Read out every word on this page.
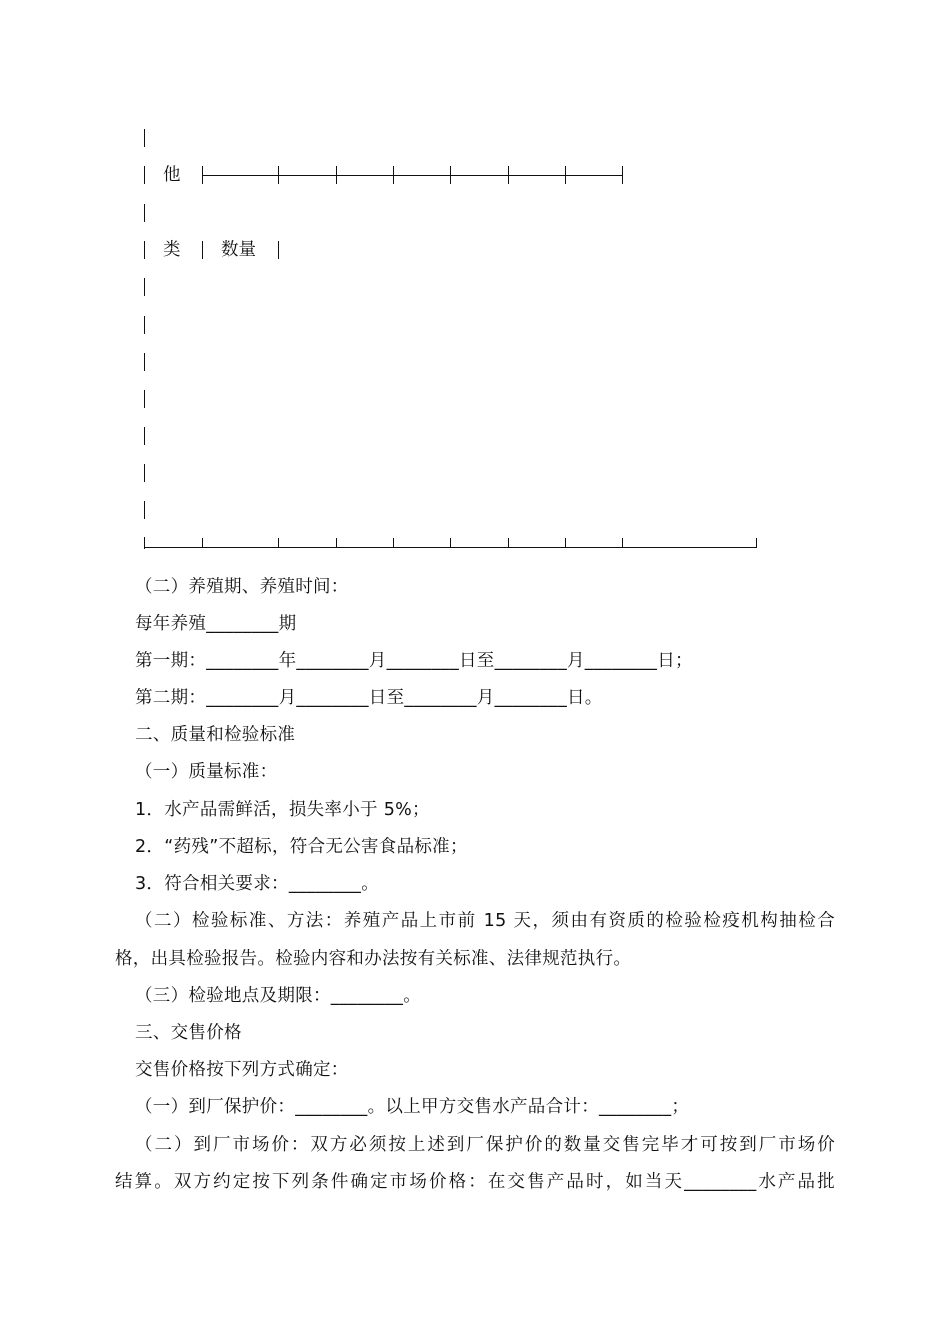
他
类 数量
（二）养殖期、养殖时间：
每年养殖________期
第一期：________年________月________日至________月________日；
第二期：________月________日至________月________日。
二、质量和检验标准
（一）质量标准：
1．水产品需鲜活，损失率小于 5%；
2．“药残”不超标，符合无公害食品标准；
3．符合相关要求：________。
（二）检验标准、方法：养殖产品上市前 15 天，须由有资质的检验检疫机构抽检合
格，出具检验报告。检验内容和办法按有关标准、法律规范执行。
（三）检验地点及期限：________。
三、交售价格
交售价格按下列方式确定：
（一）到厂保护价：________。以上甲方交售水产品合计：________；
（二）到厂市场价：双方必须按上述到厂保护价的数量交售完毕才可按到厂市场价
结算。双方约定按下列条件确定市场价格：在交售产品时，如当天________水产品批
